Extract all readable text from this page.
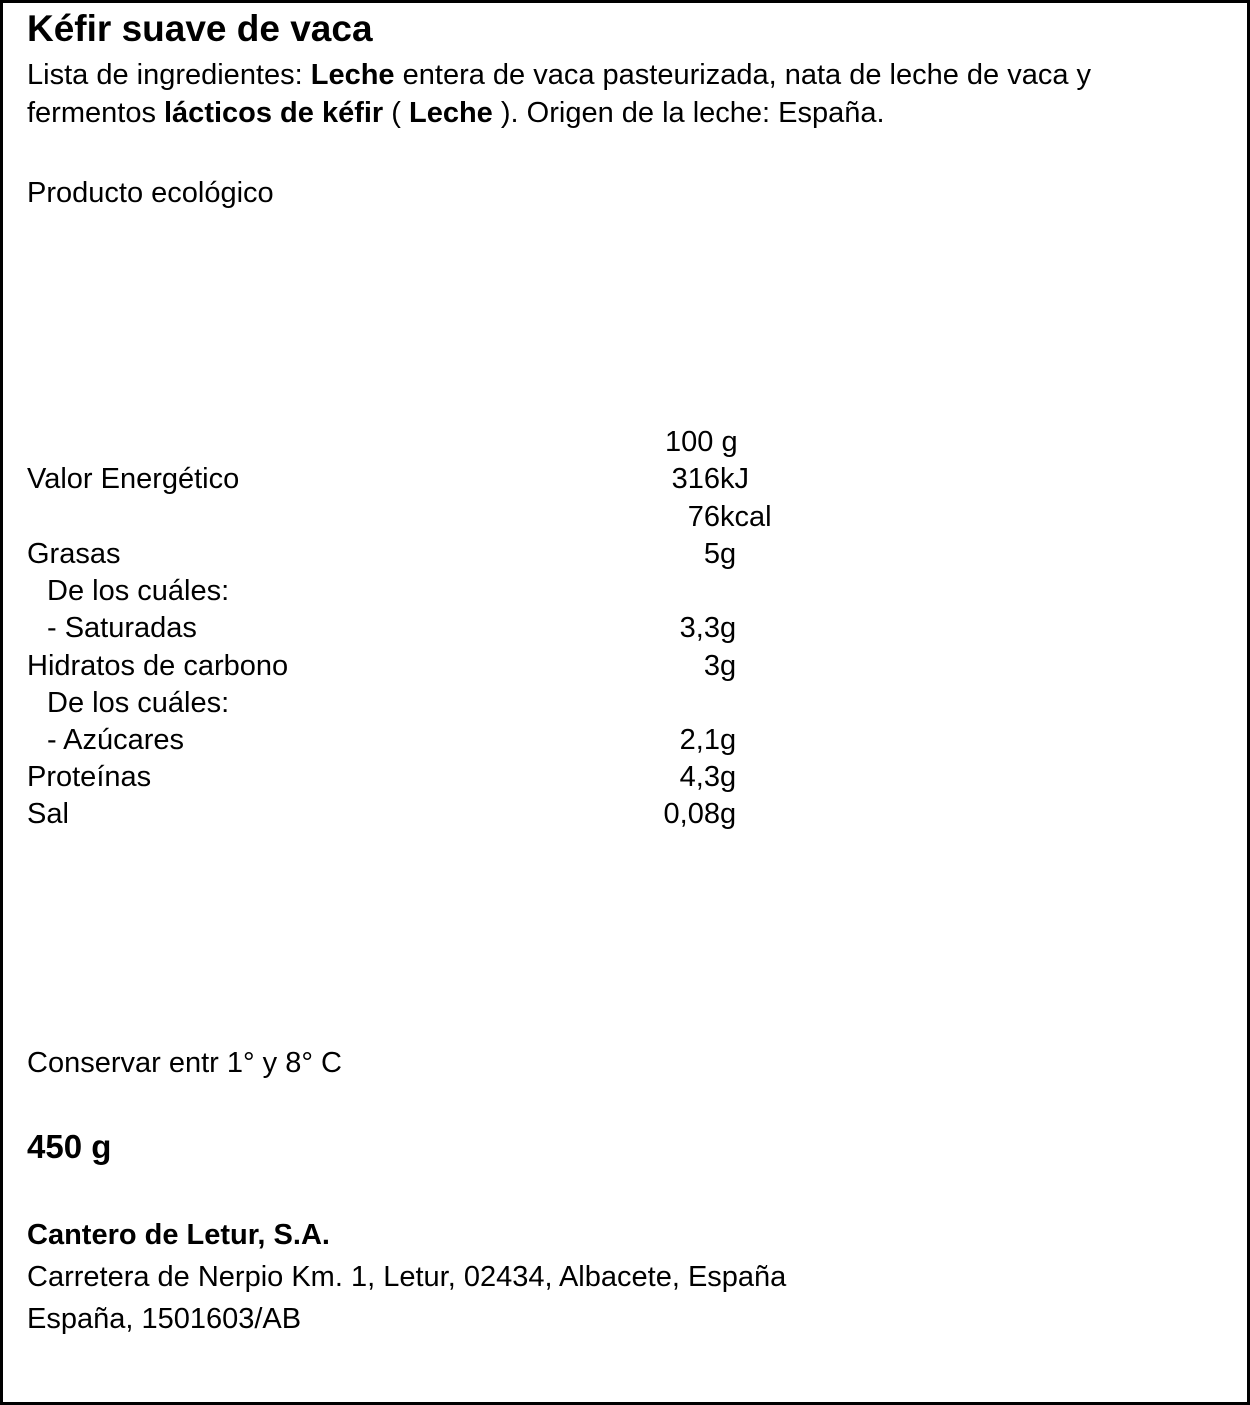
Kéfir suave de vaca
Lista de ingredientes: Leche entera de vaca pasteurizada, nata de leche de vaca y
fermentos lácticos de kéfir ( Leche ). Origen de la leche: España.
Producto ecológico
100 g
Valor Energético	316 kJ
76 kcal
Grasas	5 g
De los cuáles:
- Saturadas	3,3 g
Hidratos de carbono	3 g
De los cuáles:
- Azúcares	2,1 g
Proteínas	4,3 g
Sal	0,08 g
Conservar entr 1° y 8° C
450 g
Cantero de Letur, S.A.
Carretera de Nerpio Km. 1, Letur, 02434, Albacete, España
España, 1501603/AB
